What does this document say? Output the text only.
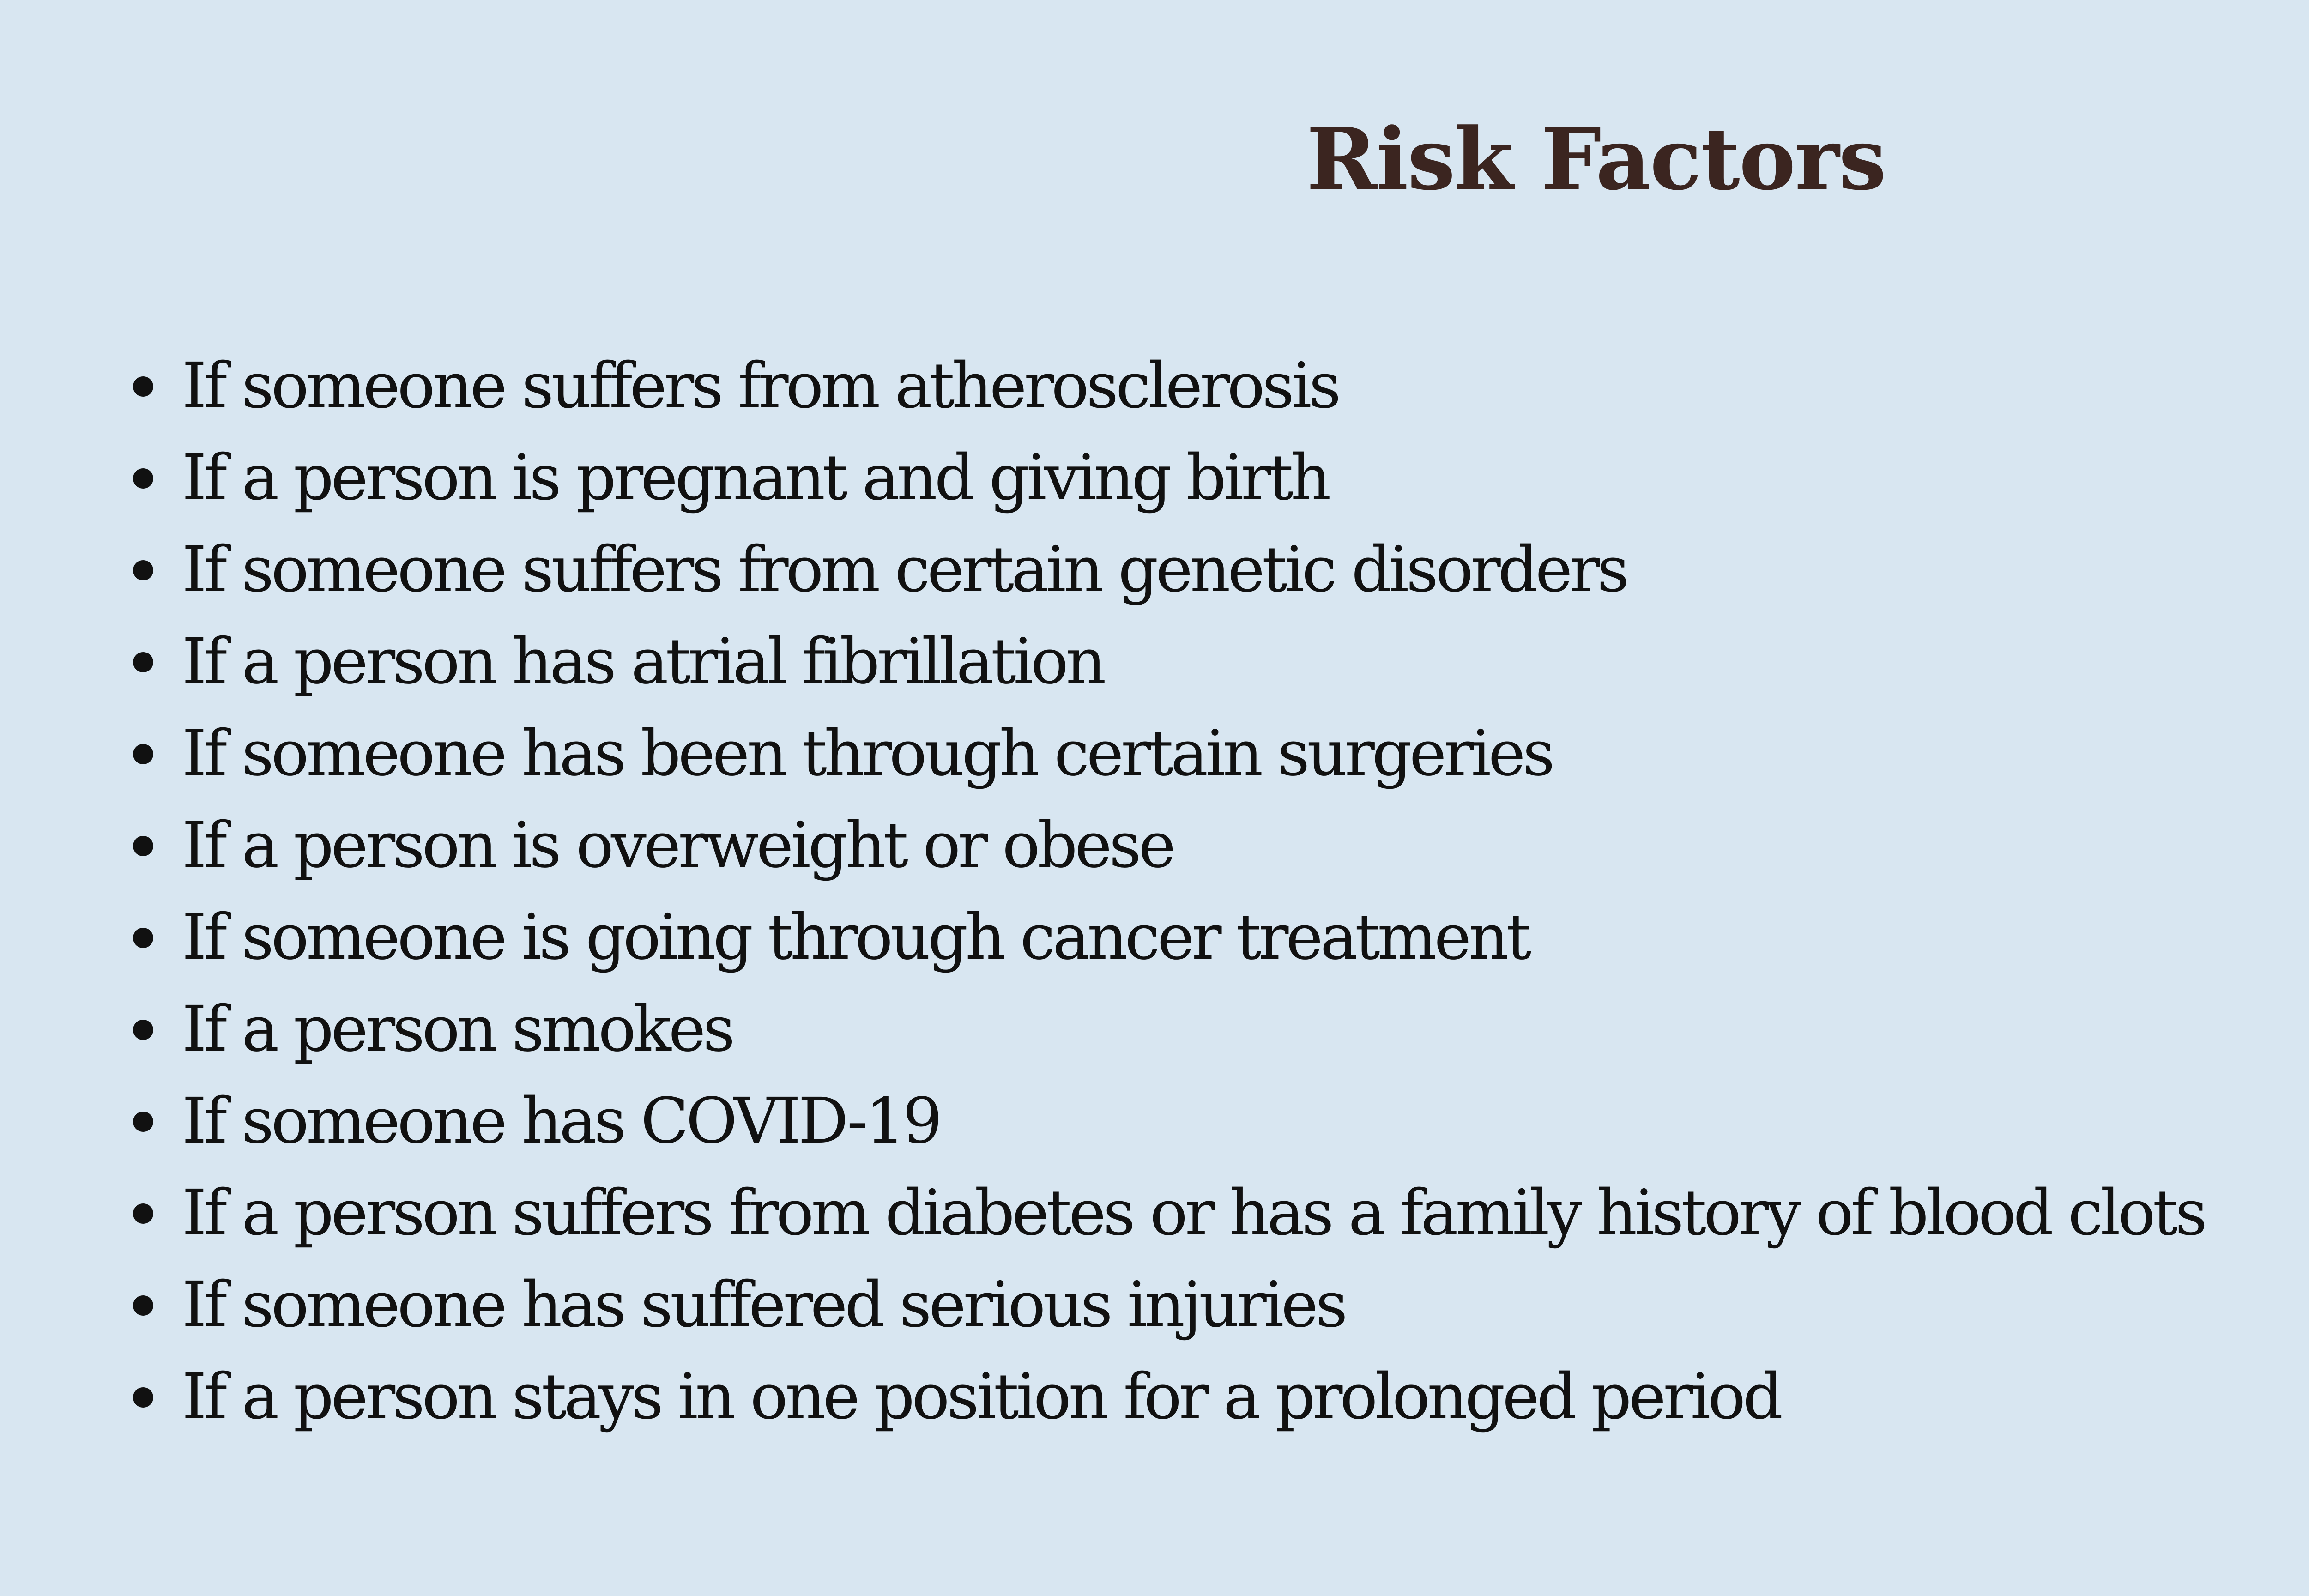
Risk Factors
If someone suffers from atherosclerosis
If a person is pregnant and giving birth
If someone suffers from certain genetic disorders
If a person has atrial fibrillation
If someone has been through certain surgeries
If a person is overweight or obese
If someone is going through cancer treatment
If a person smokes
If someone has COVID-19
If a person suffers from diabetes or has a family history of blood clots
If someone has suffered serious injuries
If a person stays in one position for a prolonged period
